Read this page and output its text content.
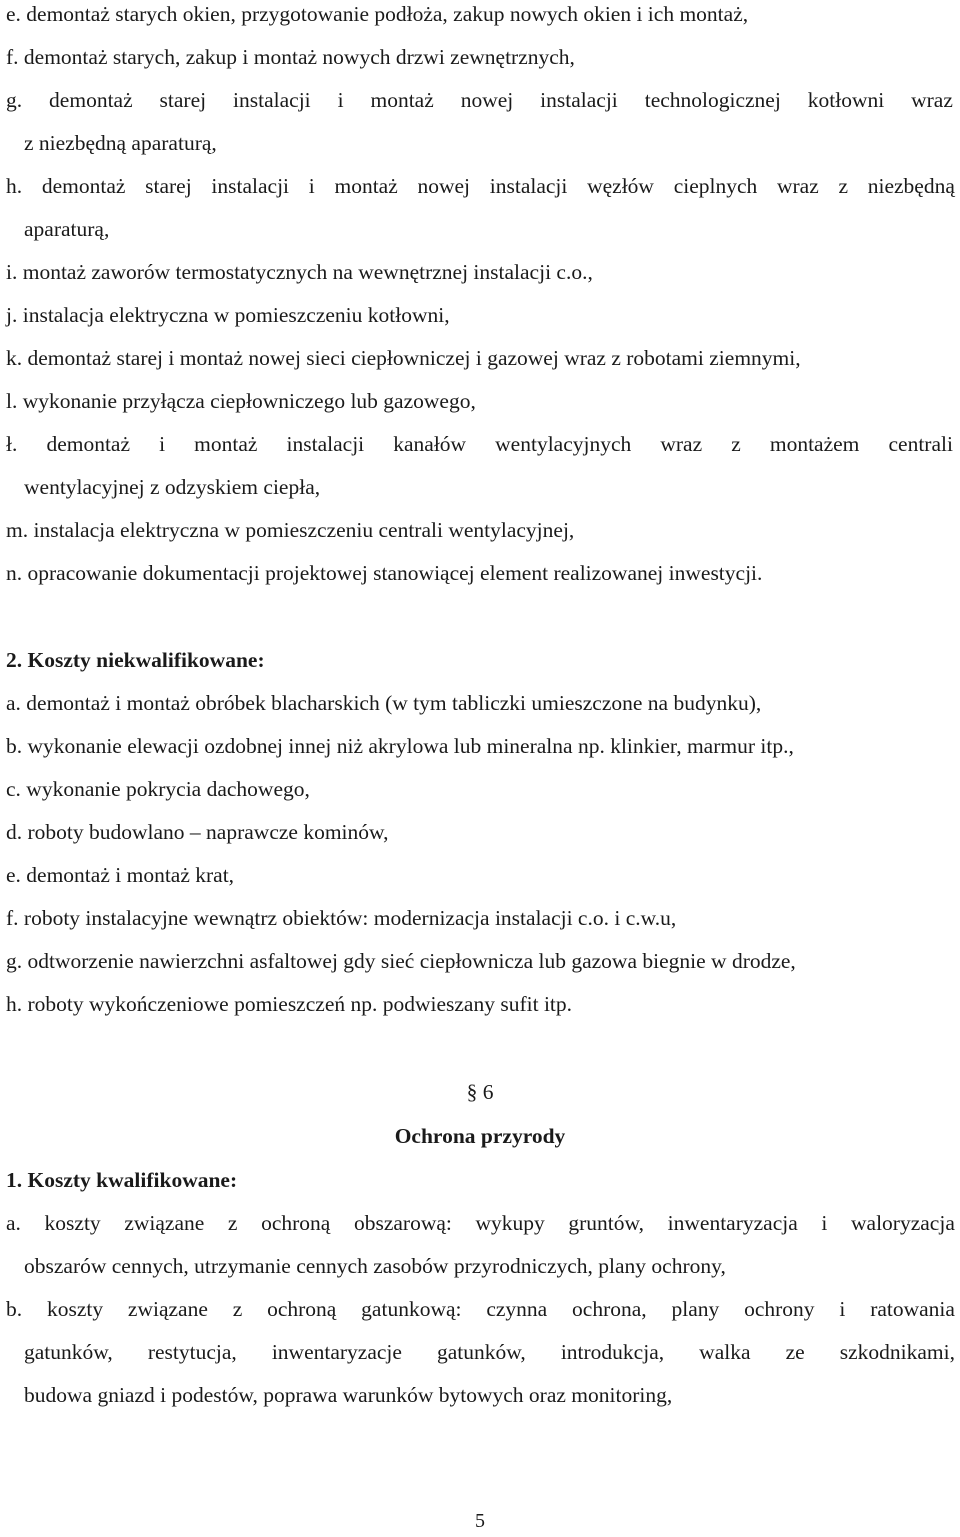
e. demontaż starych okien, przygotowanie podłoża, zakup nowych okien i ich montaż,
f. demontaż starych, zakup i montaż nowych drzwi zewnętrznych,
g. demontaż starej instalacji i montaż nowej instalacji technologicznej kotłowni wraz
z niezbędną aparaturą,
h. demontaż starej instalacji i montaż nowej instalacji węzłów cieplnych wraz z niezbędną
aparaturą,
i. montaż zaworów termostatycznych na wewnętrznej instalacji c.o.,
j. instalacja elektryczna w pomieszczeniu kotłowni,
k. demontaż starej i montaż nowej sieci ciepłowniczej i gazowej wraz z robotami ziemnymi,
l. wykonanie przyłącza ciepłowniczego lub gazowego,
ł. demontaż i montaż instalacji kanałów wentylacyjnych wraz z montażem centrali
wentylacyjnej z odzyskiem ciepła,
m. instalacja elektryczna w pomieszczeniu centrali wentylacyjnej,
n. opracowanie dokumentacji projektowej stanowiącej element realizowanej inwestycji.
2. Koszty niekwalifikowane:
a. demontaż i montaż obróbek blacharskich (w tym tabliczki umieszczone na budynku),
b. wykonanie elewacji ozdobnej innej niż akrylowa lub mineralna np. klinkier, marmur itp.,
c. wykonanie pokrycia dachowego,
d. roboty budowlano – naprawcze kominów,
e. demontaż i montaż krat,
f. roboty instalacyjne wewnątrz obiektów: modernizacja instalacji c.o. i c.w.u,
g. odtworzenie nawierzchni asfaltowej gdy sieć ciepłownicza lub gazowa biegnie w drodze,
h. roboty wykończeniowe pomieszczeń np. podwieszany sufit itp.
§ 6
Ochrona przyrody
1. Koszty kwalifikowane:
a. koszty związane z ochroną obszarową: wykupy gruntów, inwentaryzacja i waloryzacja
obszarów cennych, utrzymanie cennych zasobów przyrodniczych, plany ochrony,
b. koszty związane z ochroną gatunkową: czynna ochrona, plany ochrony i ratowania
gatunków, restytucja, inwentaryzacje gatunków, introdukcja, walka ze szkodnikami,
budowa gniazd i podestów, poprawa warunków bytowych oraz monitoring,
5
